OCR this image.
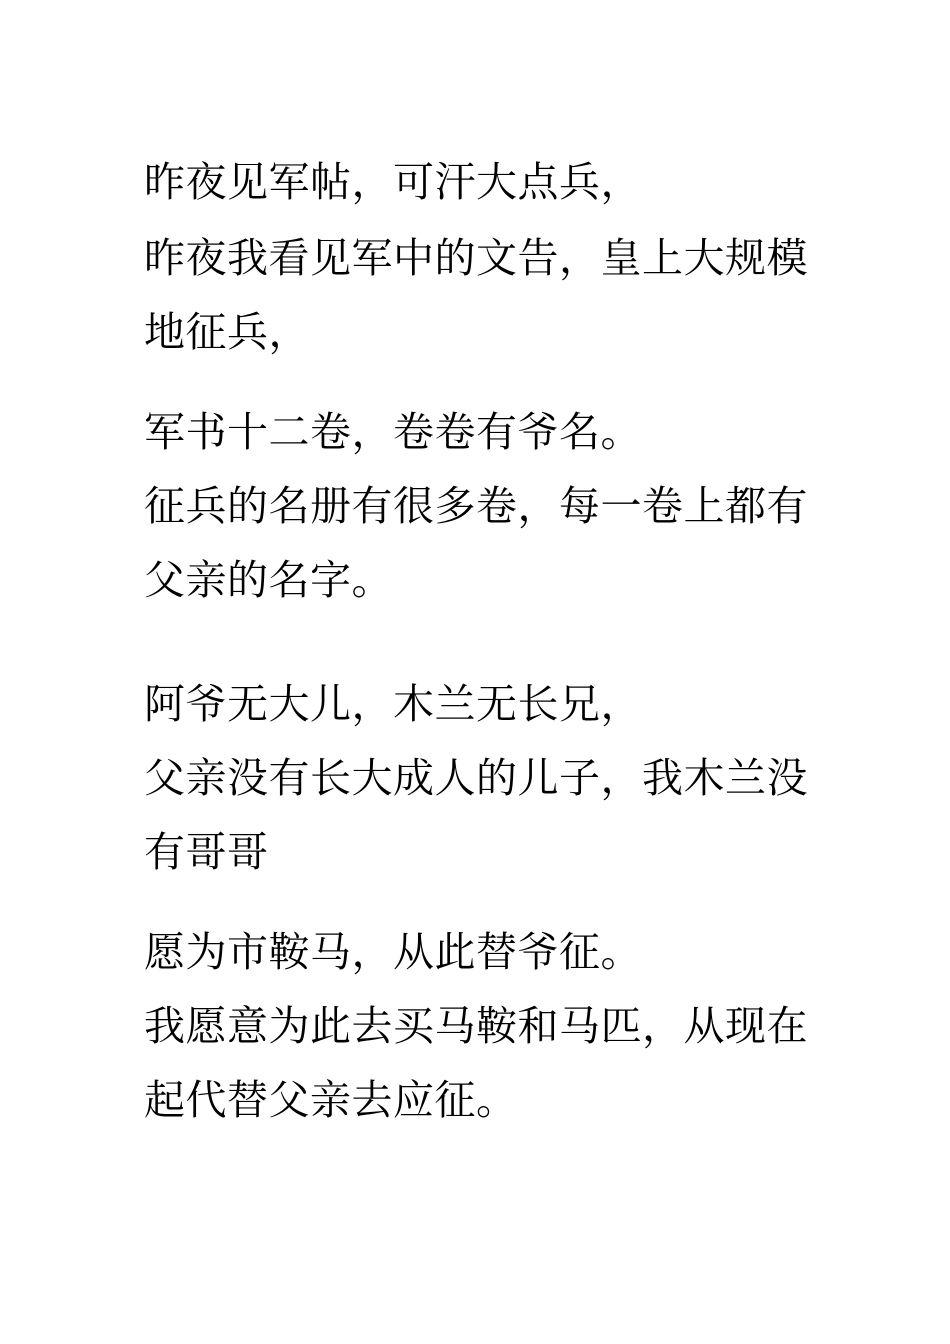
昨夜见军帖，可汗大点兵，
昨夜我看见军中的文告，皇上大规模
地征兵，
军书十二卷，卷卷有爷名。
征兵的名册有很多卷，每一卷上都有
父亲的名字。
阿爷无大儿，木兰无长兄，
父亲没有长大成人的儿子，我木兰没
有哥哥
愿为市鞍马，从此替爷征。
我愿意为此去买马鞍和马匹，从现在
起代替父亲去应征。
